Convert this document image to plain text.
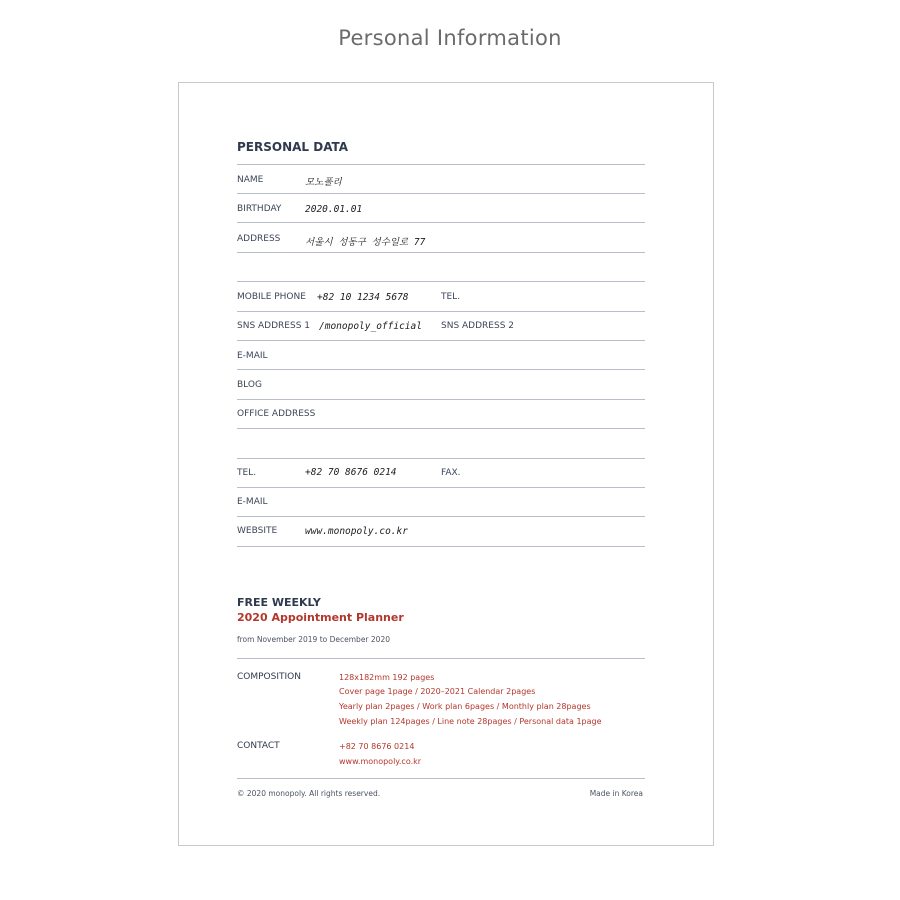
Personal Information
PERSONAL DATA
NAME	모노폴리
BIRTHDAY 2020.01.01
ADDRESS	서울시 성동구 성수일로 77
MOBILE PHONE +82 10 1234 5678	TEL.
SNS ADDRESS 1 /monopoly_official SNS ADDRESS 2
E-MAIL
BLOG
OFFICE ADDRESS
TEL.	+82 70 8676 0214	FAX.
E-MAIL
WEBSITE	www.monopoly.co.kr
FREE WEEKLY
2020 Appointment Planner
from November 2019 to December 2020
COMPOSITION	128x182mm 192 pages
Cover page 1page / 2020–2021 Calendar 2pages
Yearly plan 2pages / Work plan 6pages / Monthly plan 28pages
Weekly plan 124pages / Line note 28pages / Personal data 1page
CONTACT	+82 70 8676 0214
www.monopoly.co.kr
© 2020 monopoly. All rights reserved.	Made in Korea
